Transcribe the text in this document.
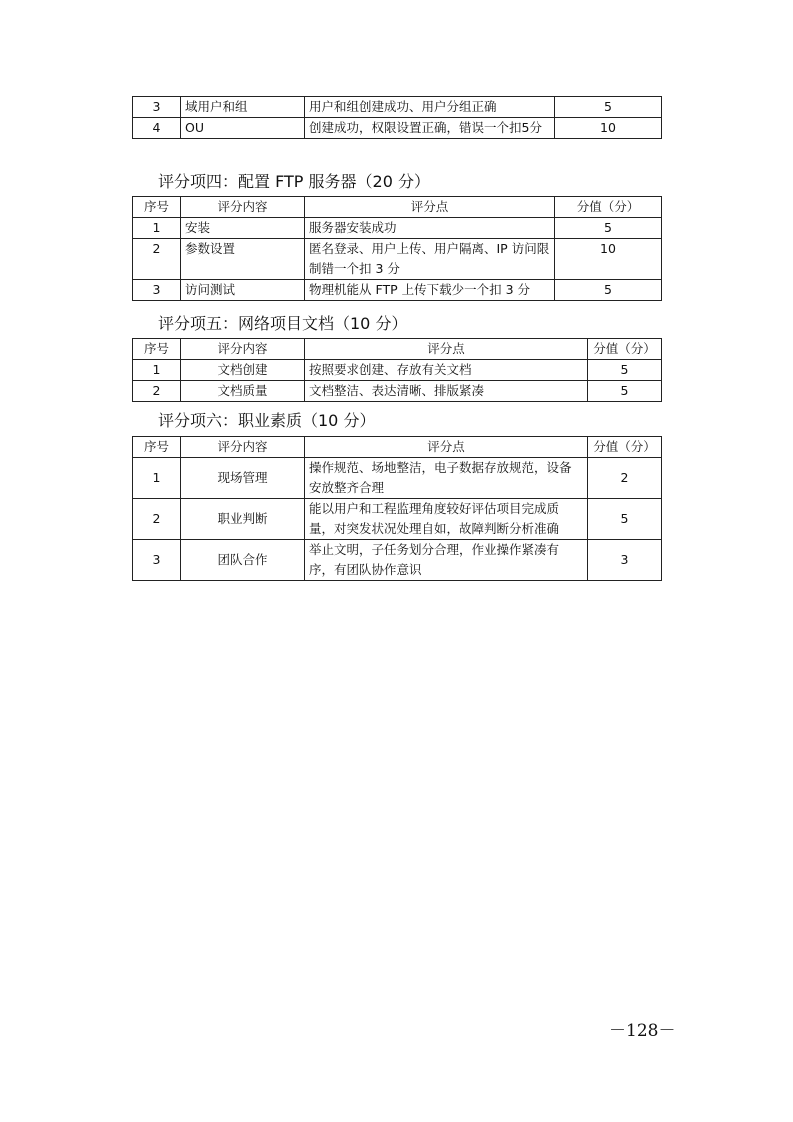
3	域用户和组	用户和组创建成功、用户分组正确	5
4	OU	创建成功，权限设置正确，错误一个扣5分	10
评分项四：配置 FTP 服务器（20 分）
序号	评分内容	评分点	分值（分）
1	安装	服务器安装成功	5
2	参数设置	匿名登录、用户上传、用户隔离、IP 访问限制错一个扣 3 分	10
3	访问测试	物理机能从 FTP 上传下载少一个扣 3 分	5
评分项五：网络项目文档（10 分）
序号	评分内容	评分点	分值（分）
1	文档创建	按照要求创建、存放有关文档	5
2	文档质量	文档整洁、表达清晰、排版紧凑	5
评分项六：职业素质（10 分）
序号	评分内容	评分点	分值（分）
1	现场管理	操作规范、场地整洁，电子数据存放规范，设备安放整齐合理	2
2	职业判断	能以用户和工程监理角度较好评估项目完成质量，对突发状况处理自如，故障判断分析准确	5
3	团队合作	举止文明，子任务划分合理，作业操作紧凑有序，有团队协作意识	3
－128－
